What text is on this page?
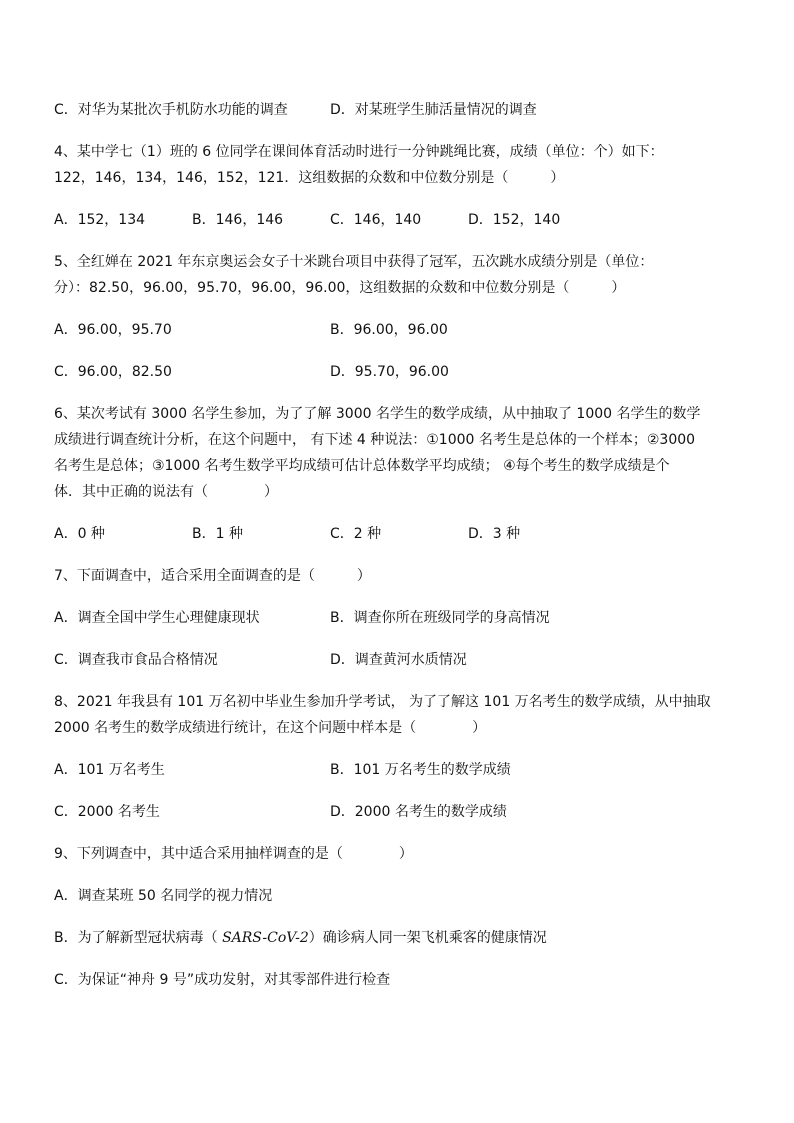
C．对华为某批次手机防水功能的调查	D．对某班学生肺活量情况的调查
4、某中学七（1）班的 6 位同学在课间体育活动时进行一分钟跳绳比赛，成绩（单位：个）如下：
122，146，134，146，152，121．这组数据的众数和中位数分别是（　　　）
A．152，134	B．146，146	C．146，140	D．152，140
5、全红婵在 2021 年东京奥运会女子十米跳台项目中获得了冠军，五次跳水成绩分别是（单位：
分）：82.50，96.00，95.70，96.00，96.00，这组数据的众数和中位数分别是（　　　）
A．96.00，95.70	B．96.00，96.00
C．96.00，82.50	D．95.70，96.00
6、某次考试有 3000 名学生参加，为了了解 3000 名学生的数学成绩，从中抽取了 1000 名学生的数学
成绩进行调查统计分析，在这个问题中， 有下述 4 种说法：①1000 名考生是总体的一个样本；②3000
名考生是总体；③1000 名考生数学平均成绩可估计总体数学平均成绩； ④每个考生的数学成绩是个
体．其中正确的说法有（　　　　）
A．0 种	B．1 种	C．2 种	D．3 种
7、下面调查中，适合采用全面调查的是（　　　）
A．调查全国中学生心理健康现状	B．调查你所在班级同学的身高情况
C．调查我市食品合格情况	D．调查黄河水质情况
8、2021 年我县有 101 万名初中毕业生参加升学考试， 为了了解这 101 万名考生的数学成绩，从中抽取
2000 名考生的数学成绩进行统计，在这个问题中样本是（　　　　）
A．101 万名考生	B．101 万名考生的数学成绩
C．2000 名考生	D．2000 名考生的数学成绩
9、下列调查中，其中适合采用抽样调查的是（　　　　）
A．调查某班 50 名同学的视力情况
B．为了解新型冠状病毒（ SARS-CoV-2）确诊病人同一架飞机乘客的健康情况
C．为保证“神舟 9 号”成功发射，对其零部件进行检查
